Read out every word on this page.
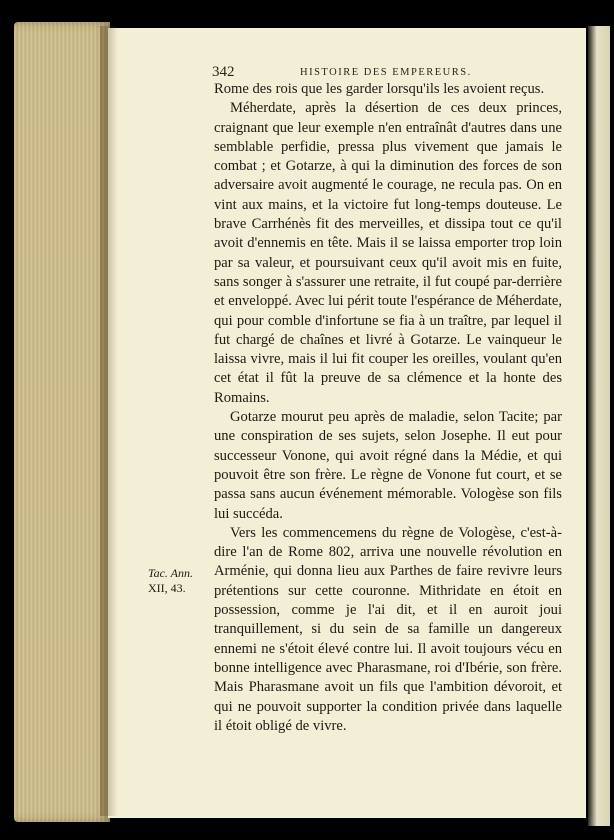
342	HISTOIRE DES EMPEREURS.
Tac. Ann.
XII, 43.

Rome des rois que les garder lorsqu'ils les avoient reçus.

Méherdate, après la désertion de ces deux princes, craignant que leur exemple n'en entraînât d'autres dans une semblable perfidie, pressa plus vivement que jamais le combat ; et Gotarze, à qui la diminution des forces de son adversaire avoit augmenté le courage, ne recula pas. On en vint aux mains, et la victoire fut long-temps douteuse. Le brave Carrhénès fit des merveilles, et dissipa tout ce qu'il avoit d'ennemis en tête. Mais il se laissa emporter trop loin par sa valeur, et poursuivant ceux qu'il avoit mis en fuite, sans songer à s'assurer une retraite, il fut coupé par-derrière et enveloppé. Avec lui périt toute l'espérance de Méherdate, qui pour comble d'infortune se fia à un traître, par lequel il fut chargé de chaînes et livré à Gotarze. Le vainqueur le laissa vivre, mais il lui fit couper les oreilles, voulant qu'en cet état il fût la preuve de sa clémence et la honte des Romains.

Gotarze mourut peu après de maladie, selon Tacite; par une conspiration de ses sujets, selon Josephe. Il eut pour successeur Vonone, qui avoit régné dans la Médie, et qui pouvoit être son frère. Le règne de Vonone fut court, et se passa sans aucun événement mémorable. Vologèse son fils lui succéda.

Vers les commencemens du règne de Vologèse, c'est-à-dire l'an de Rome 802, arriva une nouvelle révolution en Arménie, qui donna lieu aux Parthes de faire revivre leurs prétentions sur cette couronne. Mithridate en étoit en possession, comme je l'ai dit, et il en auroit joui tranquillement, si du sein de sa famille un dangereux ennemi ne s'étoit élevé contre lui. Il avoit toujours vécu en bonne intelligence avec Pharasmane, roi d'Ibérie, son frère. Mais Pharasmane avoit un fils que l'ambition dévoroit, et qui ne pouvoit supporter la condition privée dans laquelle il étoit obligé de vivre.
